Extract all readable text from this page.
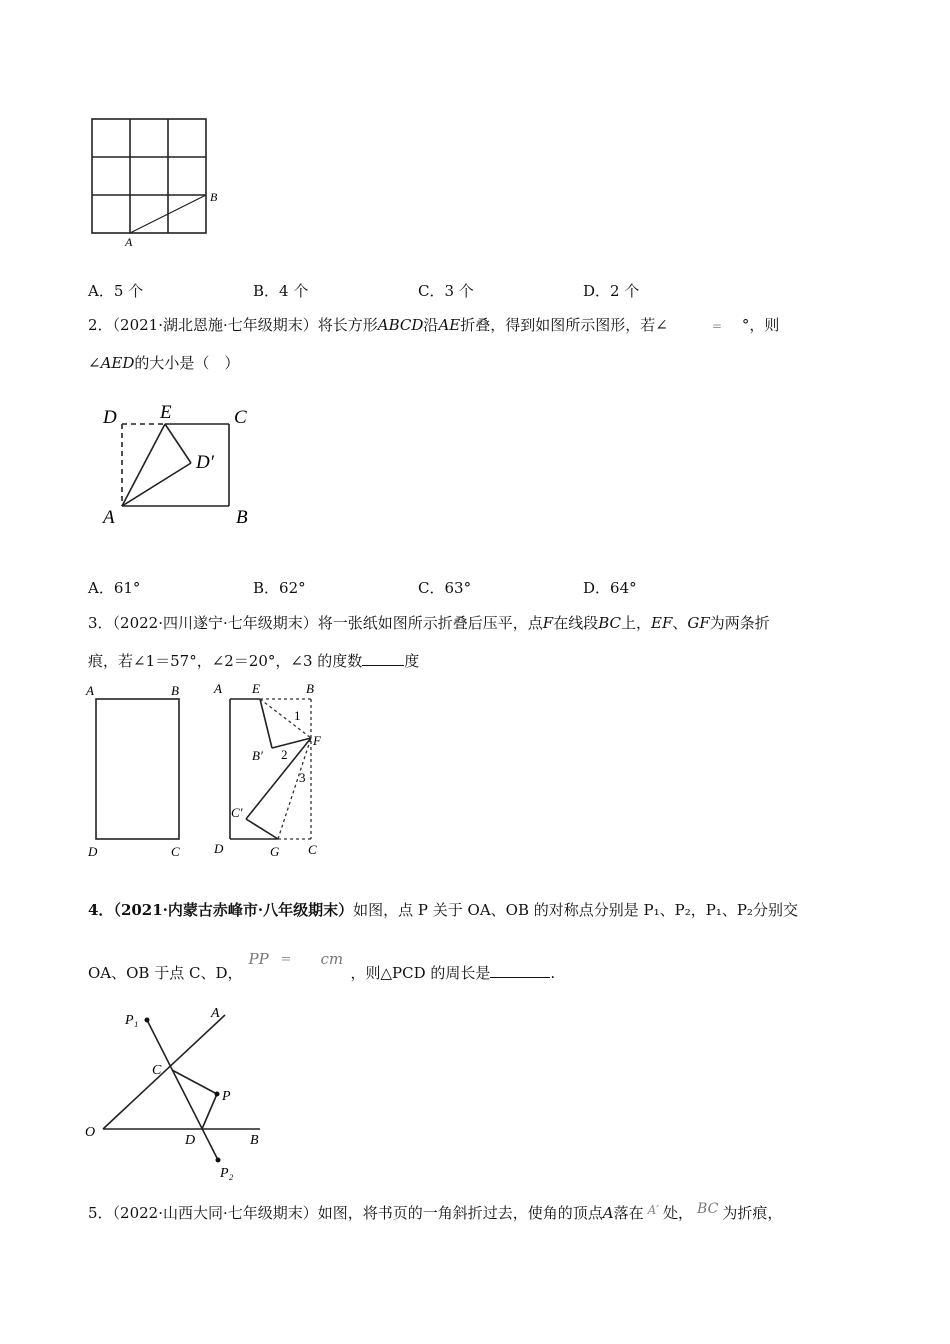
A
B
A．5 个	B．4 个	C．3 个	D．2 个
2．（2021·湖北恩施·七年级期末）将长方形ABCD沿AE折叠，得到如图所示图形，若∠	= °，则
∠AED的大小是（　）
D E	C
D′
A	B
A．61°	B．62°	C．63°	D．64°
3．（2022·四川遂宁·七年级期末）将一张纸如图所示折叠后压平，点F在线段BC上，EF、GF为两条折
痕，若∠1＝57°，∠2＝20°，∠3 的度数	度
A	B
D	C
A E	B
1
B′ 2
F
3
C′
D	G C
4．（2021·内蒙古赤峰市·八年级期末）如图，点 P 关于 OA、OB 的对称点分别是 P₁、P₂，P₁、P₂分别交
OA、OB 于点 C、D，
PP = cm
，则△PCD 的周长是	.
P₁	A
C
P
O
D	B
P₂
5．（2022·山西大同·七年级期末）如图，将书页的一角斜折过去，使角的顶点A落在 $^{A'}$ 处， BC 为折痕，
